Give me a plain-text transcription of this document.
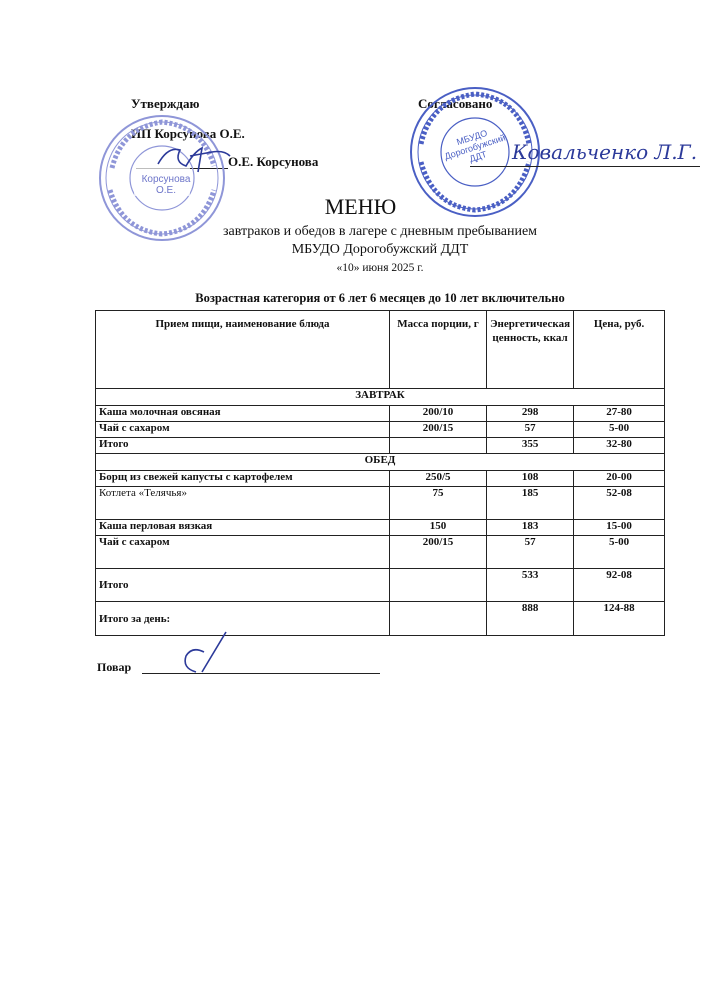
Утверждаю
ИП Корсунова О.Е.
О.Е. Корсунова
Корсунова О.Е.
Согласовано
МБУДО Дорогобужский ДДТ	Ковальченко Л.Г.
МЕНЮ
завтраков и обедов в лагере с дневным пребыванием
МБУДО Дорогобужский ДДТ
«10» июня 2025 г.
Возрастная категория от 6 лет 6 месяцев до 10 лет включительно
Прием пищи, наименование блюда	Масса порции, г	Энергетическая ценность, ккал	Цена, руб.
ЗАВТРАК			
Каша молочная овсяная	200/10	298	27-80
Чай с сахаром	200/15	57	5-00
Итого		355	32-80
ОБЕД			
Борщ из свежей капусты с картофелем	250/5	108	20-00
Котлета «Телячья»	75	185	52-08
Каша перловая вязкая	150	183	15-00
Чай с сахаром	200/15	57	5-00
Итого		533	92-08
Итого за день:		888	124-88
Повар
